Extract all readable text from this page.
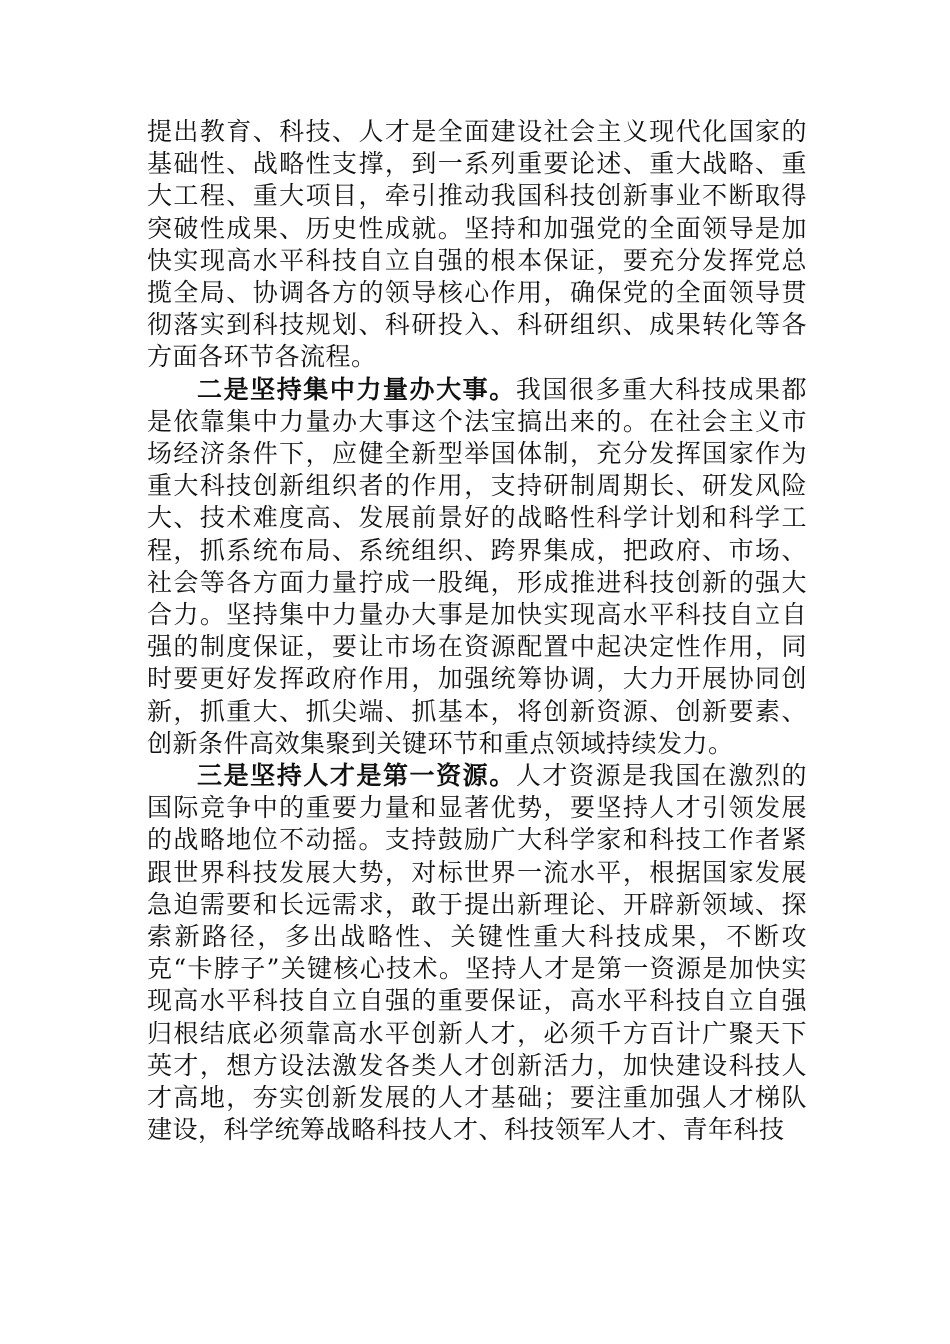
提出教育、科技、人才是全面建设社会主义现代化国家的基础性、战略性支撑，到一系列重要论述、重大战略、重大工程、重大项目，牵引推动我国科技创新事业不断取得突破性成果、历史性成就。坚持和加强党的全面领导是加快实现高水平科技自立自强的根本保证，要充分发挥党总揽全局、协调各方的领导核心作用，确保党的全面领导贯彻落实到科技规划、科研投入、科研组织、成果转化等各方面各环节各流程。

二是坚持集中力量办大事。我国很多重大科技成果都是依靠集中力量办大事这个法宝搞出来的。在社会主义市场经济条件下，应健全新型举国体制，充分发挥国家作为重大科技创新组织者的作用，支持研制周期长、研发风险大、技术难度高、发展前景好的战略性科学计划和科学工程，抓系统布局、系统组织、跨界集成，把政府、市场、社会等各方面力量拧成一股绳，形成推进科技创新的强大合力。坚持集中力量办大事是加快实现高水平科技自立自强的制度保证，要让市场在资源配置中起决定性作用，同时要更好发挥政府作用，加强统筹协调，大力开展协同创新，抓重大、抓尖端、抓基本，将创新资源、创新要素、创新条件高效集聚到关键环节和重点领域持续发力。

三是坚持人才是第一资源。人才资源是我国在激烈的国际竞争中的重要力量和显著优势，要坚持人才引领发展的战略地位不动摇。支持鼓励广大科学家和科技工作者紧跟世界科技发展大势，对标世界一流水平，根据国家发展急迫需要和长远需求，敢于提出新理论、开辟新领域、探索新路径，多出战略性、关键性重大科技成果，不断攻克“卡脖子”关键核心技术。坚持人才是第一资源是加快实现高水平科技自立自强的重要保证，高水平科技自立自强归根结底必须靠高水平创新人才，必须千方百计广聚天下英才，想方设法激发各类人才创新活力，加快建设科技人才高地，夯实创新发展的人才基础；要注重加强人才梯队建设，科学统筹战略科技人才、科技领军人才、青年科技
